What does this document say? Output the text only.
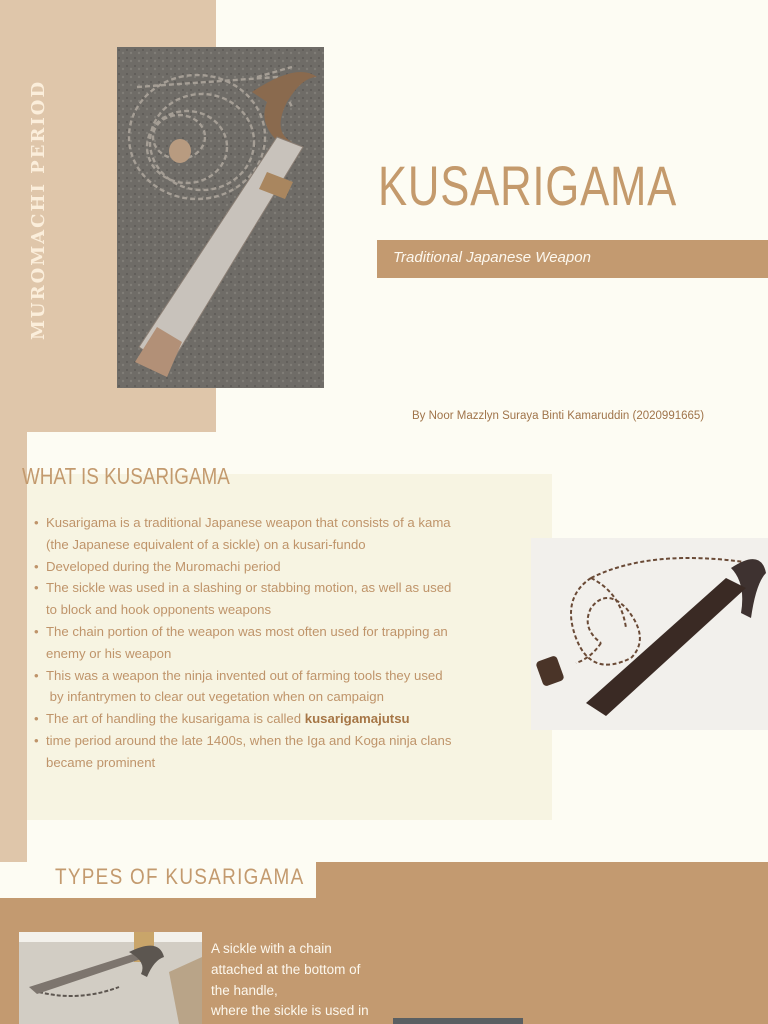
MUROMACHI PERIOD	KUSARIGAMA
Traditional Japanese Weapon
By Noor Mazzlyn Suraya Binti Kamaruddin (2020991665)
WHAT IS KUSARIGAMA
• Kusarigama is a traditional Japanese weapon that consists of a kama
(the Japanese equivalent of a sickle) on a kusari-fundo
• Developed during the Muromachi period
• The sickle was used in a slashing or stabbing motion, as well as used
to block and hook opponents weapons
• The chain portion of the weapon was most often used for trapping an
enemy or his weapon
• This was a weapon the ninja invented out of farming tools they used
by infantrymen to clear out vegetation when on campaign
• The art of handling the kusarigama is called kusarigamajutsu
• time period around the late 1400s, when the Iga and Koga ninja clans
became prominent
TYPES OF KUSARIGAMA
A sickle with a chain
attached at the bottom of
the handle,
where the sickle is used in
